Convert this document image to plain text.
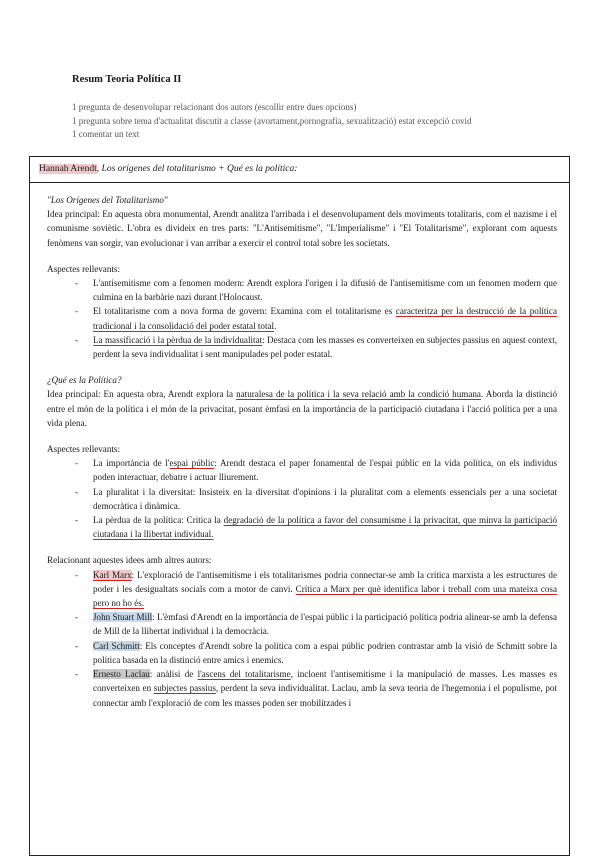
Resum Teoria Política II
1 pregunta de desenvolupar relacionant dos autors (escollir entre dues opcions)
1 pregunta sobre tema d'actualitat discutit a classe (avortament,pornografia, sexualització) estat excepció covid
1 comentar un text
Hannah Arendt, Los orígenes del totalitarismo + Qué es la política:

"Los Orígenes del Totalitarismo"

Idea principal: En aquesta obra monumental, Arendt analitza l'arribada i el desenvolupament dels moviments totalitaris, com el nazisme i el comunisme soviètic. L'obra es divideix en tres parts: "L'Antisemitisme", "L'Imperialisme" i "El Totalitarisme", explorant com aquests fenòmens van sorgir, van evolucionar i van arribar a exercir el control total sobre les societats.

Aspectes rellevants:

- L'antisemitisme com a fenomen modern: Arendt explora l'origen i la difusió de l'antisemitisme com un fenomen modern que culmina en la barbàrie nazi durant l'Holocaust.
- El totalitarisme com a nova forma de govern: Examina com el totalitarisme es caracteritza per la destrucció de la política tradicional i la consolidació del poder estatal total.
- La massificació i la pèrdua de la individualitat: Destaca com les masses es converteixen en subjectes passius en aquest context, perdent la seva individualitat i sent manipulades pel poder estatal.

¿Qué es la Política?

Idea principal: En aquesta obra, Arendt explora la naturalesa de la política i la seva relació amb la condició humana. Aborda la distinció entre el món de la política i el món de la privacitat, posant èmfasi en la importància de la participació ciutadana i l'acció política per a una vida plena.

Aspectes rellevants:

- La importància de l'espai públic: Arendt destaca el paper fonamental de l'espai públic en la vida política, on els individus poden interactuar, debatre i actuar lliurement.
- La pluralitat i la diversitat: Insisteix en la diversitat d'opinions i la pluralitat com a elements essencials per a una societat democràtica i dinàmica.
- La pèrdua de la política: Critica la degradació de la política a favor del consumisme i la privacitat, que minva la participació ciutadana i la llibertat individual.

Relacionant aquestes idees amb altres autors:

- Karl Marx: L'exploració de l'antisemitisme i els totalitarismes podria connectar-se amb la crítica marxista a les estructures de poder i les desigualtats socials com a motor de canvi. Crítica a Marx per què identifica labor i treball com una mateixa cosa pero no ho és.
- John Stuart Mill: L'èmfasi d'Arendt en la importància de l'espai públic i la participació política podria alinear-se amb la defensa de Mill de la llibertat individual i la democràcia.
- Carl Schmitt: Els conceptes d'Arendt sobre la política com a espai públic podrien contrastar amb la visió de Schmitt sobre la política basada en la distinció entre amics i enemics.
- Ernesto Laclau: anàlisi de l'ascens del totalitarisme, incloent l'antisemitisme i la manipulació de masses. Les masses es converteixen en subjectes passius, perdent la seva individualitat. Laclau, amb la seva teoria de l'hegemonia i el populisme, pot connectar amb l'exploració de com les masses poden ser mobilitzades i
